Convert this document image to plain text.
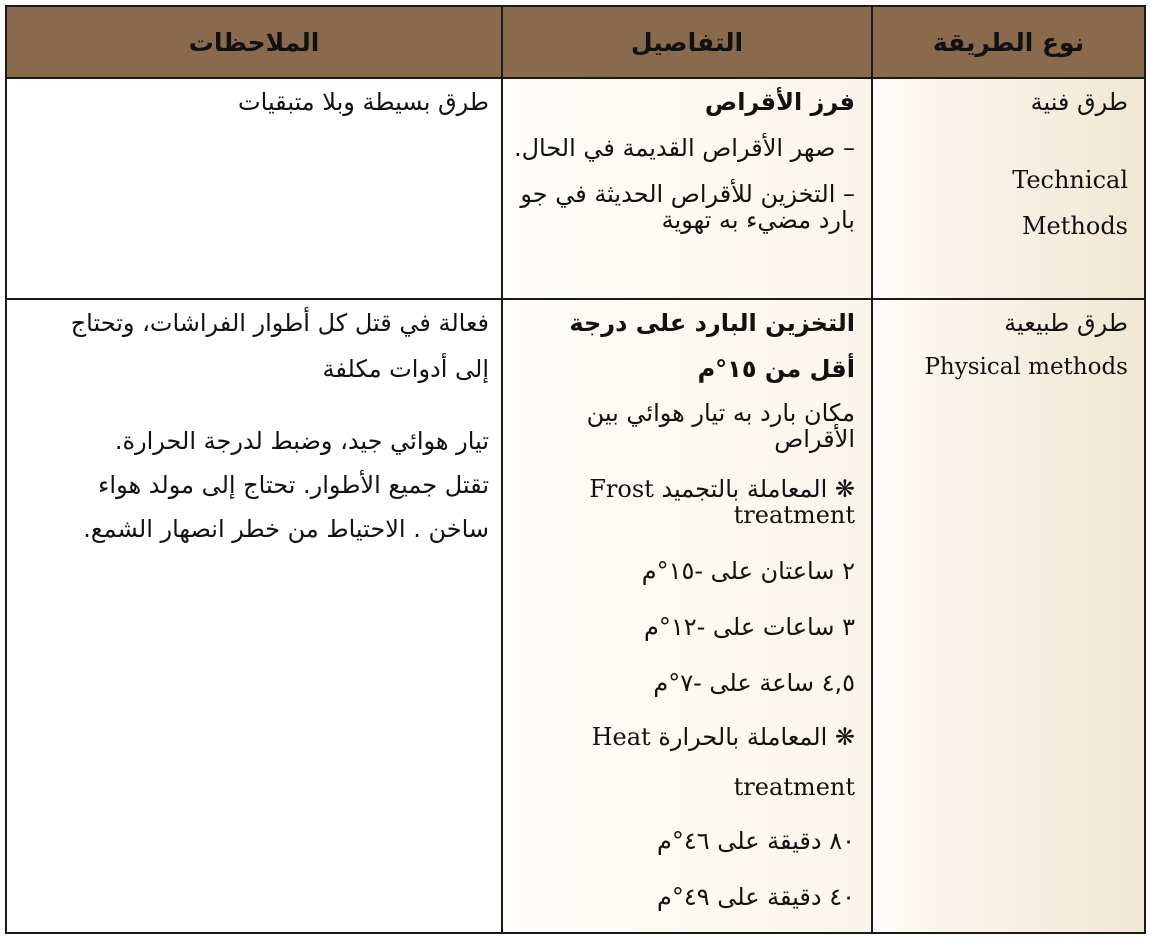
نوع الطريقة
التفاصيل
الملاحظات

طرق فنية

Technical

Methods

فرز الأقراص

– صهر الأقراص القديمة في الحال.

– التخزين للأقراص الحديثة في جو بارد مضيء به تهوية

طرق بسيطة وبلا متبقيات

طرق طبيعية

Physical methods

التخزين البارد على درجة

أقل من ١٥°م

مكان بارد به تيار هوائي بين الأقراص

❋ المعاملة بالتجميد Frost treatment

٢ ساعتان على -١٥°م

٣ ساعات على -١٢°م

٤,٥ ساعة على -٧°م

❋ المعاملة بالحرارة Heat

treatment

٨٠ دقيقة على ٤٦°م

٤٠ دقيقة على ٤٩°م

فعالة في قتل كل أطوار الفراشات، وتحتاج

إلى أدوات مكلفة

تيار هوائي جيد، وضبط لدرجة الحرارة.

تقتل جميع الأطوار. تحتاج إلى مولد هواء

ساخن . الاحتياط من خطر انصهار الشمع.
